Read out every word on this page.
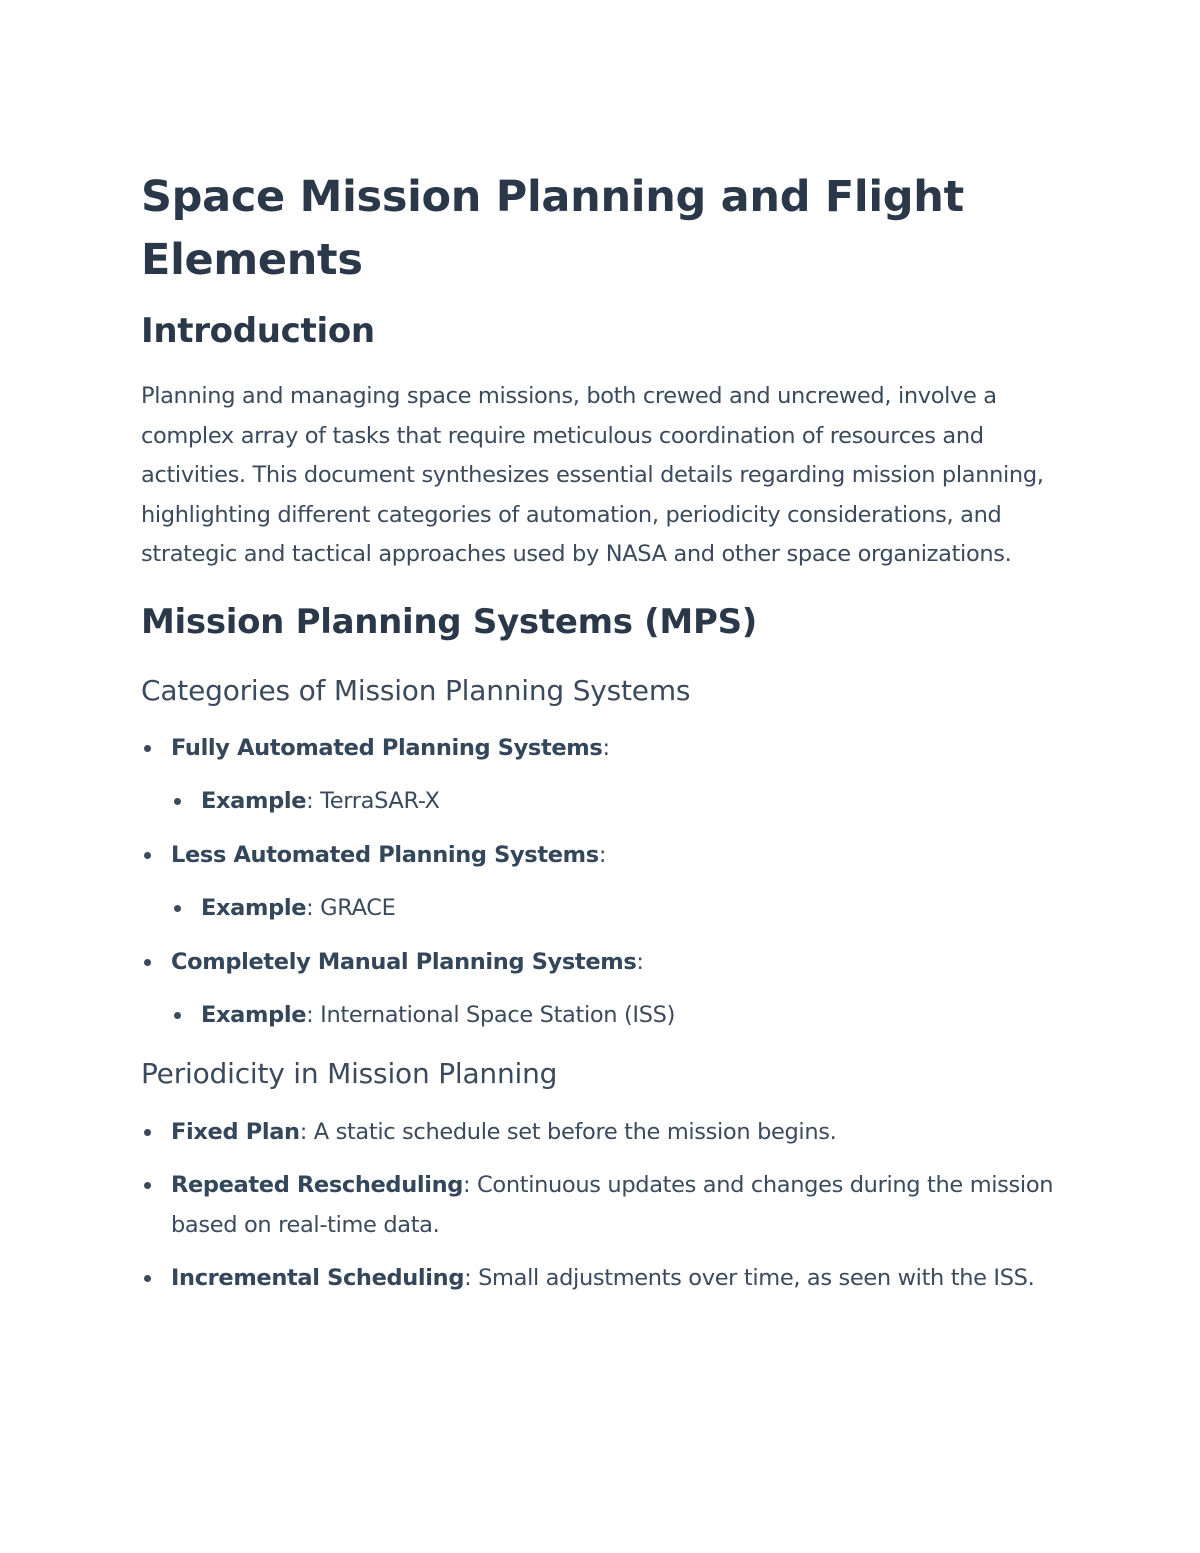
Space Mission Planning and Flight Elements
Introduction

Planning and managing space missions, both crewed and uncrewed, involve a complex array of tasks that require meticulous coordination of resources and activities. This document synthesizes essential details regarding mission planning, highlighting different categories of automation, periodicity considerations, and strategic and tactical approaches used by NASA and other space organizations.

Mission Planning Systems (MPS)
Categories of Mission Planning Systems
Fully Automated Planning Systems:
Example: TerraSAR-X
Less Automated Planning Systems:
Example: GRACE
Completely Manual Planning Systems:
Example: International Space Station (ISS)
Periodicity in Mission Planning
Fixed Plan: A static schedule set before the mission begins.
Repeated Rescheduling: Continuous updates and changes during the mission based on real-time data.
Incremental Scheduling: Small adjustments over time, as seen with the ISS.
